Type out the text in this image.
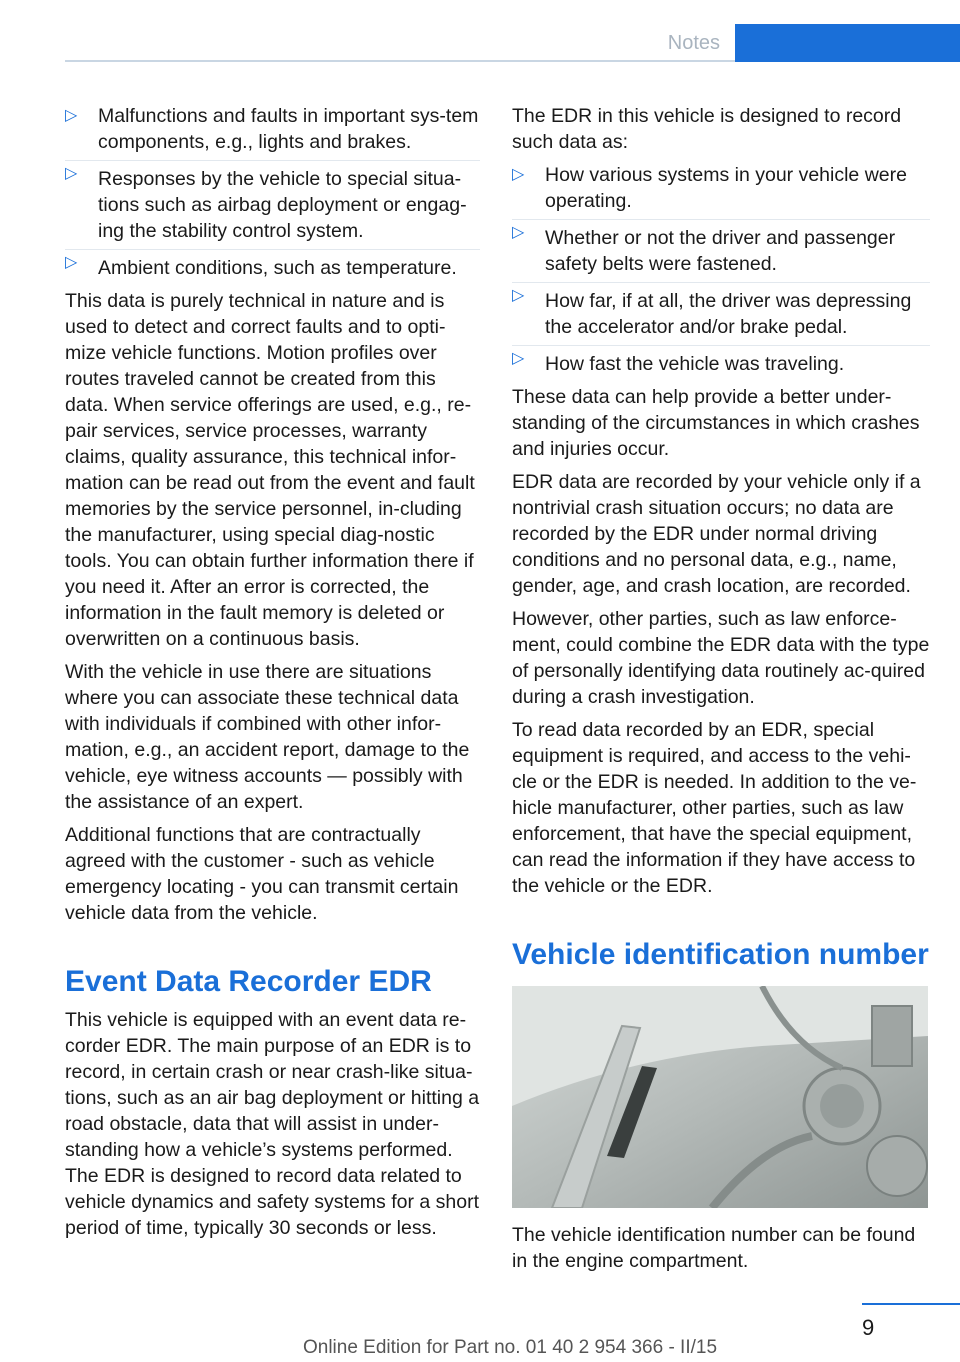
Notes
▷ Malfunctions and faults in important sys‐tem components, e.g., lights and brakes.
▷ Responses by the vehicle to special situa‐tions such as airbag deployment or engag‐ing the stability control system.
▷ Ambient conditions, such as temperature.

This data is purely technical in nature and is used to detect and correct faults and to opti‐mize vehicle functions. Motion profiles over routes traveled cannot be created from this data. When service offerings are used, e.g., re‐pair services, service processes, warranty claims, quality assurance, this technical infor‐mation can be read out from the event and fault memories by the service personnel, in‐cluding the manufacturer, using special diag‐nostic tools. You can obtain further information there if you need it. After an error is corrected, the information in the fault memory is deleted or overwritten on a continuous basis.

With the vehicle in use there are situations where you can associate these technical data with individuals if combined with other infor‐mation, e.g., an accident report, damage to the vehicle, eye witness accounts — possibly with the assistance of an expert.

Additional functions that are contractually agreed with the customer - such as vehicle emergency locating - you can transmit certain vehicle data from the vehicle.

Event Data Recorder EDR

This vehicle is equipped with an event data re‐corder EDR. The main purpose of an EDR is to record, in certain crash or near crash-like situa‐tions, such as an air bag deployment or hitting a road obstacle, data that will assist in under‐standing how a vehicle’s systems performed. The EDR is designed to record data related to vehicle dynamics and safety systems for a short period of time, typically 30 seconds or less.

The EDR in this vehicle is designed to record such data as:

▷ How various systems in your vehicle were operating.
▷ Whether or not the driver and passenger safety belts were fastened.
▷ How far, if at all, the driver was depressing the accelerator and/or brake pedal.
▷ How fast the vehicle was traveling.

These data can help provide a better under‐standing of the circumstances in which crashes and injuries occur.

EDR data are recorded by your vehicle only if a nontrivial crash situation occurs; no data are recorded by the EDR under normal driving conditions and no personal data, e.g., name, gender, age, and crash location, are recorded.

However, other parties, such as law enforce‐ment, could combine the EDR data with the type of personally identifying data routinely ac‐quired during a crash investigation.

To read data recorded by an EDR, special equipment is required, and access to the vehi‐cle or the EDR is needed. In addition to the ve‐hicle manufacturer, other parties, such as law enforcement, that have the special equipment, can read the information if they have access to the vehicle or the EDR.

Vehicle identification number

The vehicle identification number can be found in the engine compartment.

9
Online Edition for Part no. 01 40 2 954 366 - II/15
